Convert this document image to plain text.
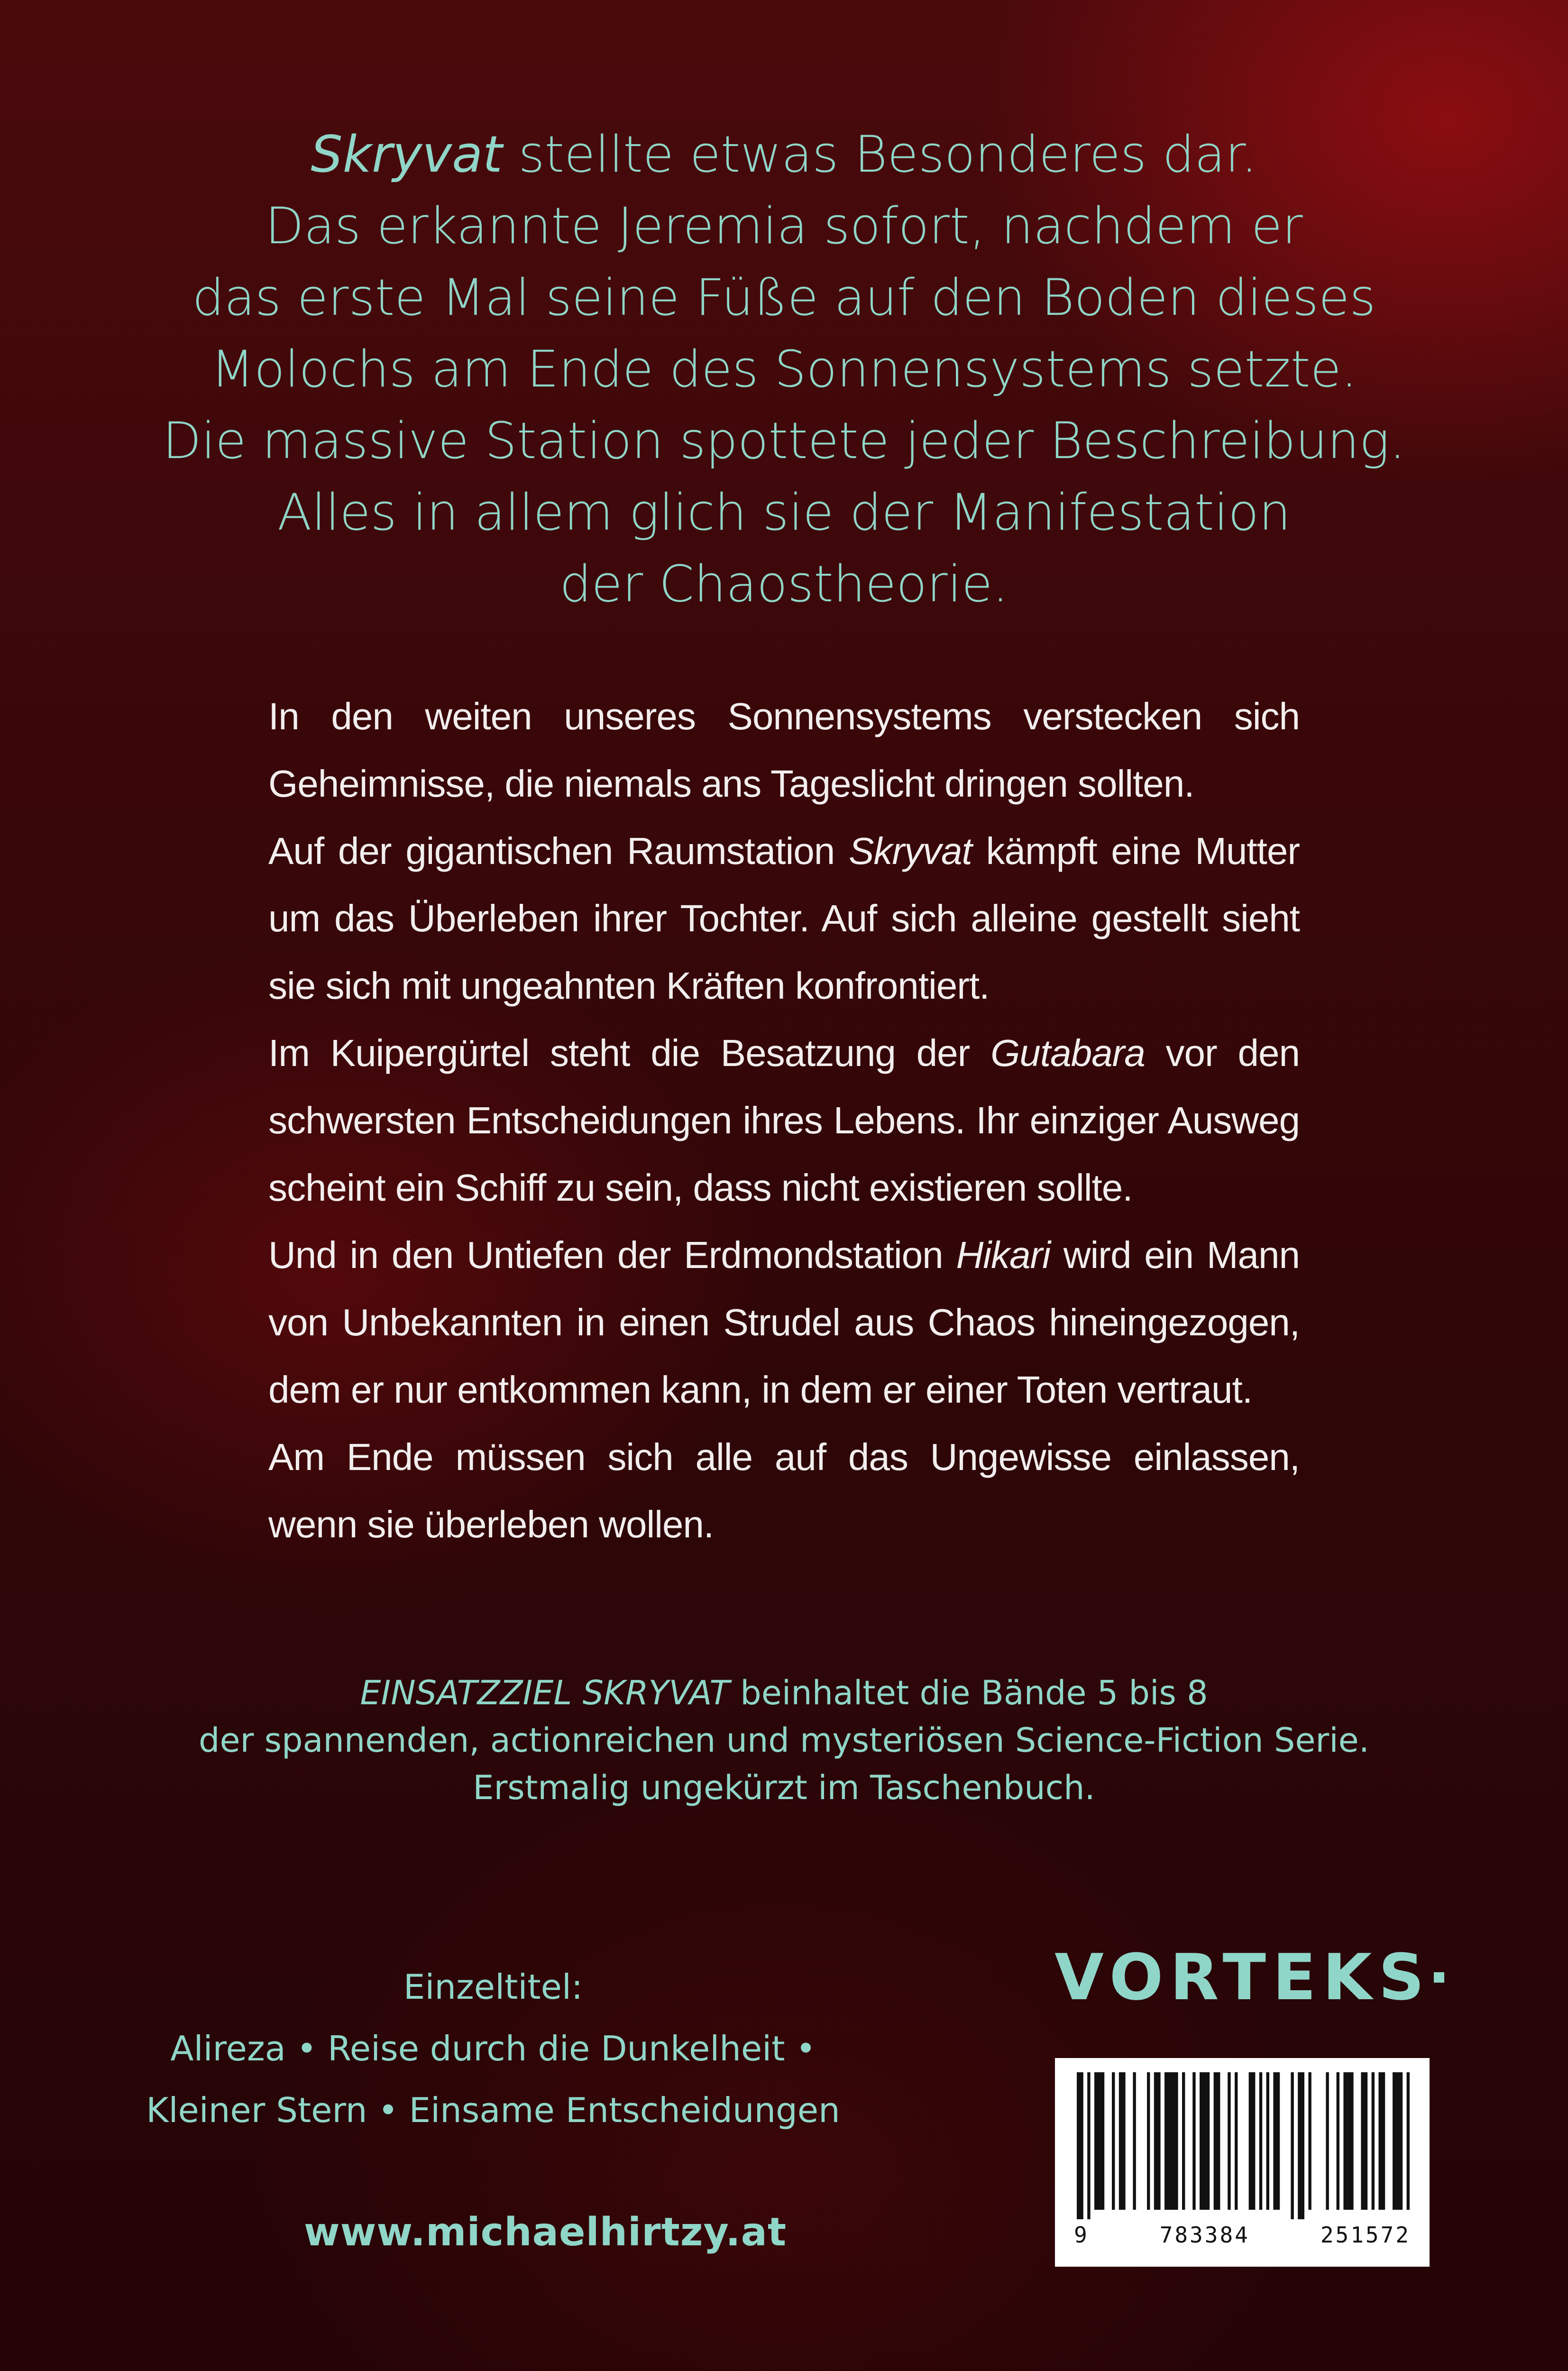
Skryvat stellte etwas Besonderes dar.
Das erkannte Jeremia sofort, nachdem er
das erste Mal seine Füße auf den Boden dieses
Molochs am Ende des Sonnensystems setzte.
Die massive Station spottete jeder Beschreibung.
Alles in allem glich sie der Manifestation
der Chaostheorie.

In den weiten unseres Sonnensystems verstecken sich Geheimnisse, die niemals ans Tageslicht dringen sollten.

Auf der gigantischen Raumstation Skryvat kämpft eine Mutter um das Überleben ihrer Tochter. Auf sich alleine gestellt sieht sie sich mit ungeahnten Kräften konfrontiert.

Im Kuipergürtel steht die Besatzung der Gutabara vor den schwersten Entscheidungen ihres Lebens. Ihr einziger Ausweg scheint ein Schiff zu sein, dass nicht existieren sollte.

Und in den Untiefen der Erdmondstation Hikari wird ein Mann von Unbekannten in einen Strudel aus Chaos hineingezogen, dem er nur entkommen kann, in dem er einer Toten vertraut.

Am Ende müssen sich alle auf das Ungewisse einlassen, wenn sie überleben wollen.

EINSATZZIEL SKRYVAT beinhaltet die Bände 5 bis 8
der spannenden, actionreichen und mysteriösen Science-Fiction Serie.
Erstmalig ungekürzt im Taschenbuch.
Einzeltitel:
Alireza • Reise durch die Dunkelheit •
Kleiner Stern • Einsame Entscheidungen
www.michaelhirtzy.at
VORTEKS
9	783384	251572
